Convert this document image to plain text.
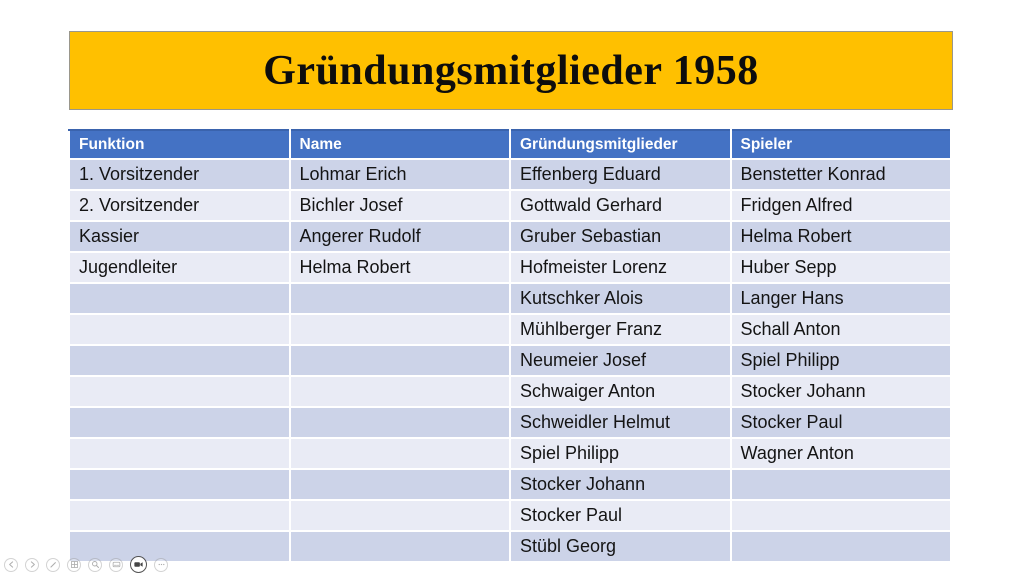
Gründungsmitglieder 1958
Funktion	Name	Gründungsmitglieder	Spieler
1. Vorsitzender	Lohmar Erich	Effenberg Eduard	Benstetter Konrad
2. Vorsitzender	Bichler Josef	Gottwald Gerhard	Fridgen Alfred
Kassier	Angerer Rudolf	Gruber Sebastian	Helma Robert
Jugendleiter	Helma Robert	Hofmeister Lorenz	Huber Sepp
		Kutschker Alois	Langer Hans
		Mühlberger Franz	Schall Anton
		Neumeier Josef	Spiel Philipp
		Schwaiger Anton	Stocker Johann
		Schweidler Helmut	Stocker Paul
		Spiel Philipp	Wagner Anton
		Stocker Johann	
		Stocker Paul	
		Stübl Georg	
